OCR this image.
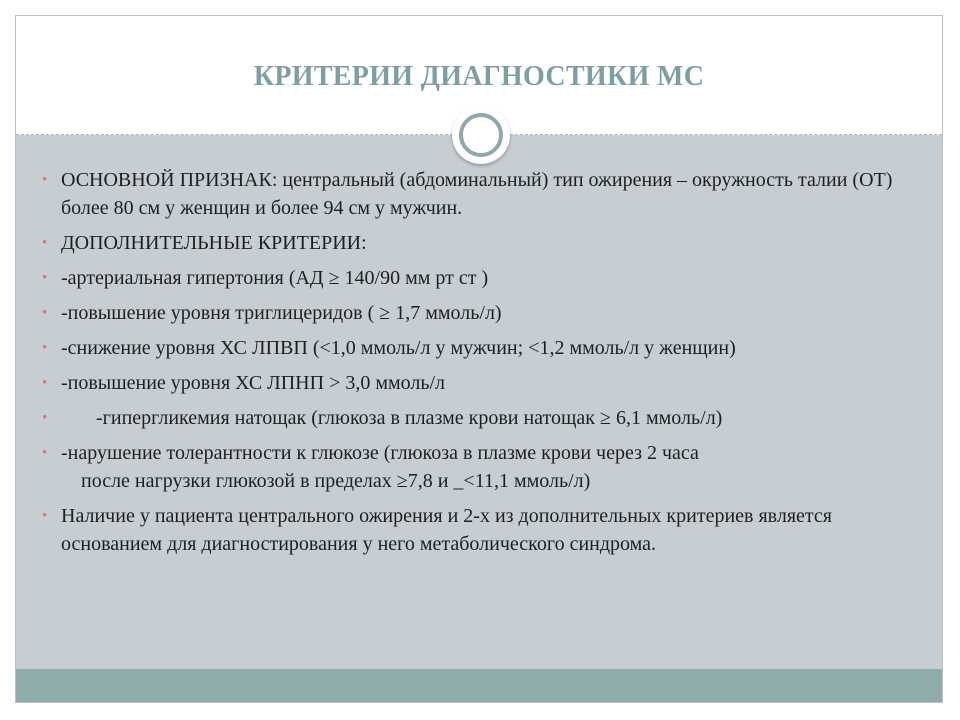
КРИТЕРИИ ДИАГНОСТИКИ МС
• ОСНОВНОЙ ПРИЗНАК: центральный (абдоминальный) тип ожирения – окружность талии (ОТ) более 80 см у женщин и более 94 см у мужчин.
• ДОПОЛНИТЕЛЬНЫЕ КРИТЕРИИ:
• -артериальная гипертония (АД ≥ 140/90 мм рт ст )
• -повышение уровня триглицеридов ( ≥ 1,7 ммоль/л)
• -снижение уровня ХС ЛПВП (<1,0 ммоль/л у мужчин; <1,2 ммоль/л у женщин)
• -повышение уровня ХС ЛПНП > 3,0 ммоль/л
• -гипергликемия натощак (глюкоза в плазме крови натощак ≥ 6,1 ммоль/л)
• -нарушение толерантности к глюкозе (глюкоза в плазме крови через 2 часа
после нагрузки глюкозой в пределах ≥7,8 и _<11,1 ммоль/л)
• Наличие у пациента центрального ожирения и 2-х из дополнительных критериев является основанием для диагностирования у него метаболического синдрома.
